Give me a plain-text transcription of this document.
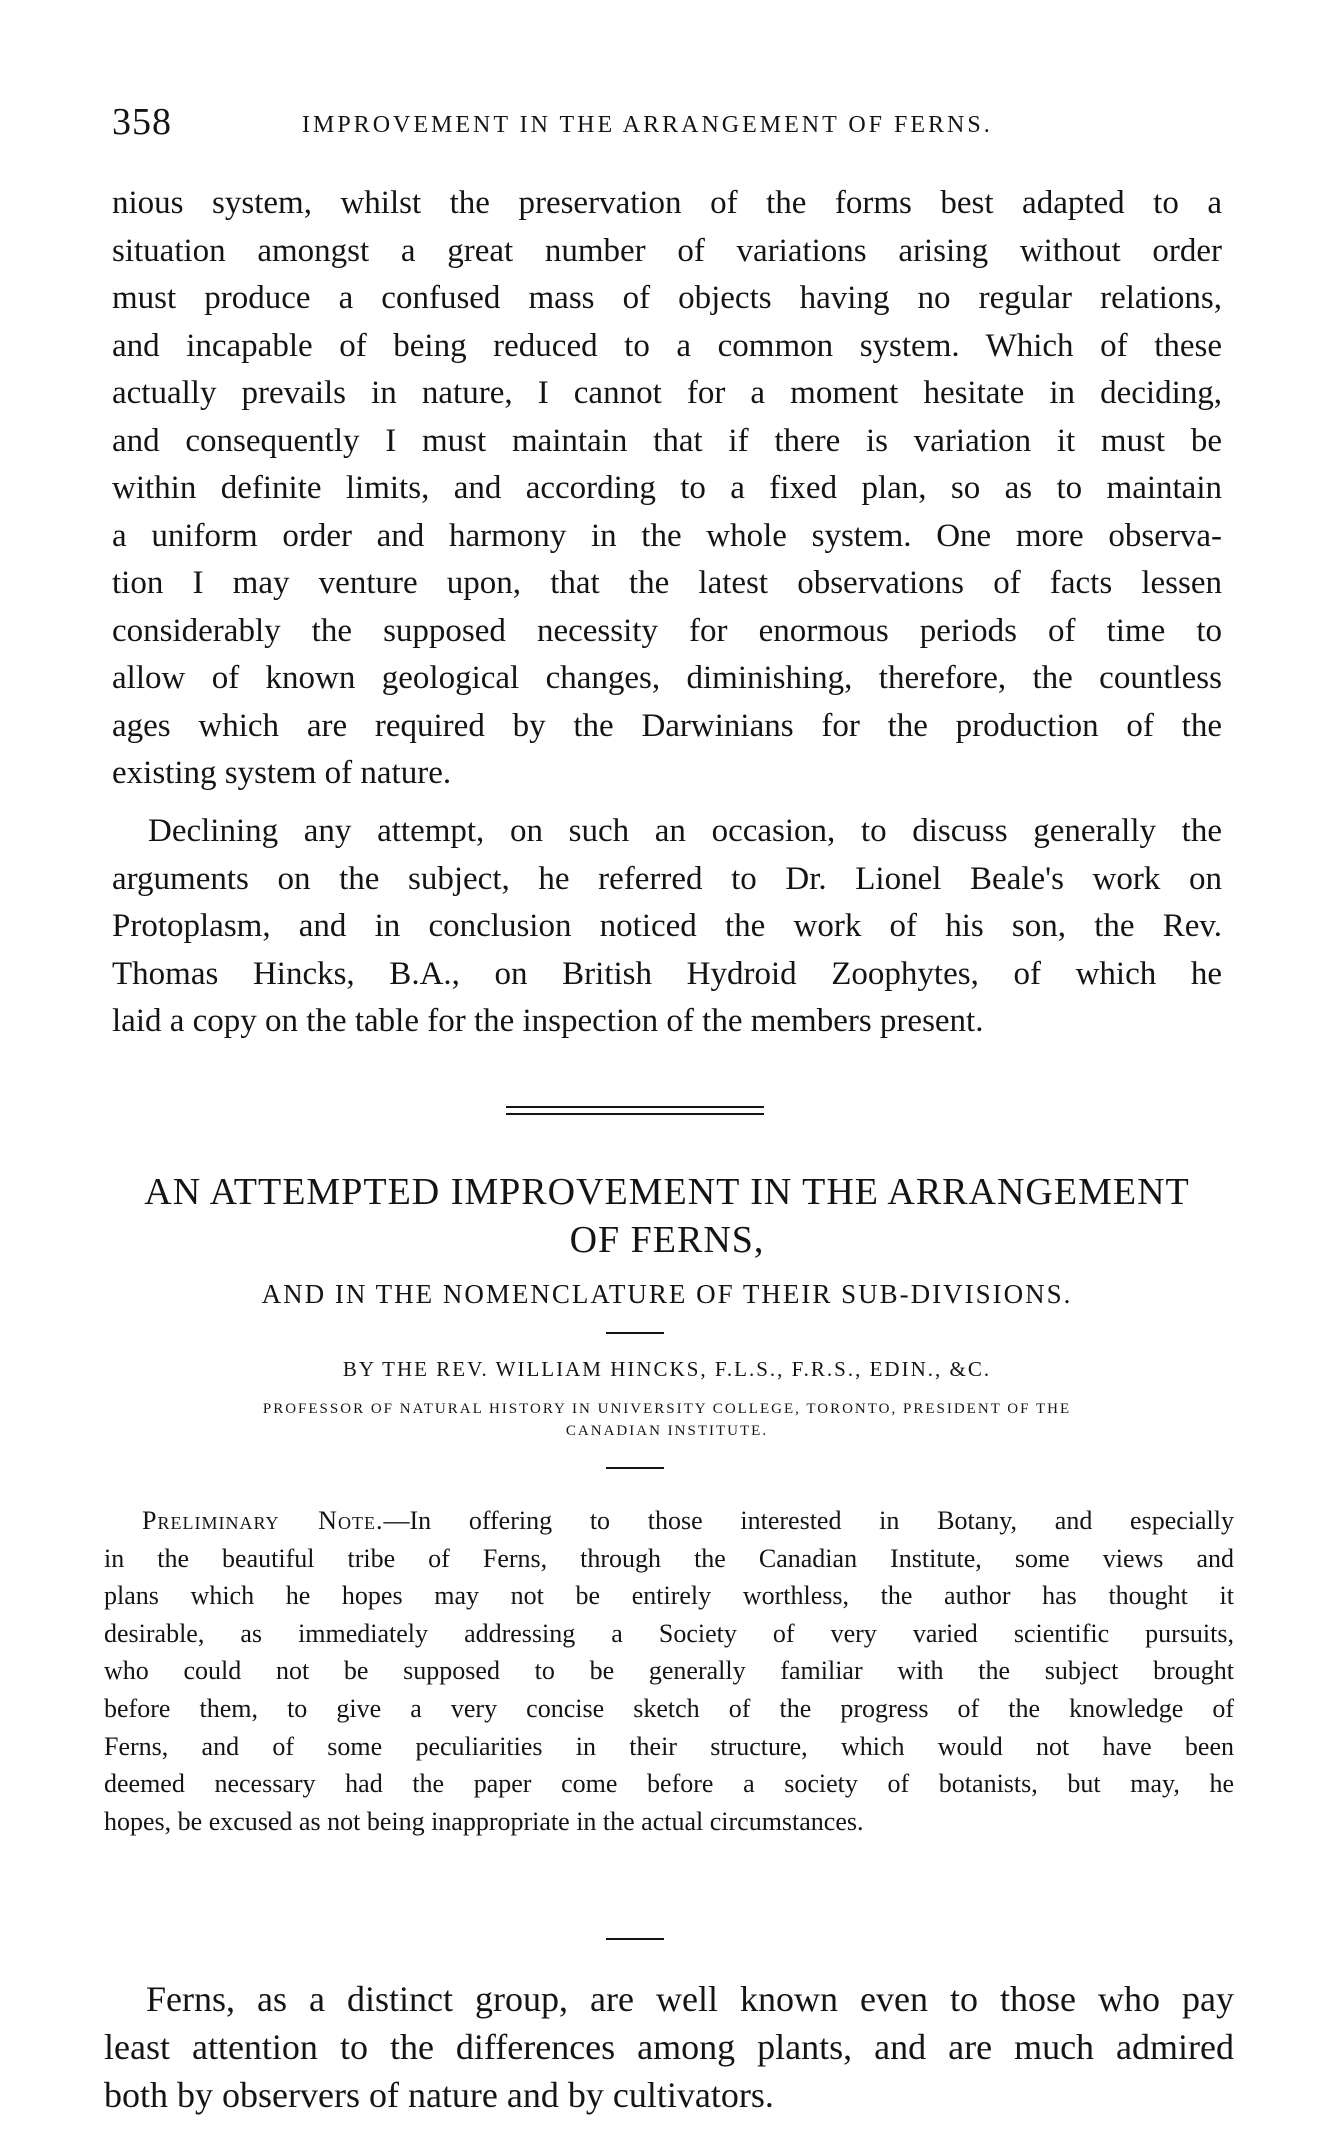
358	IMPROVEMENT IN THE ARRANGEMENT OF FERNS.
nious system, whilst the preservation of the forms best adapted to a
situation amongst a great number of variations arising without order
must produce a confused mass of objects having no regular relations,
and incapable of being reduced to a common system. Which of these
actually prevails in nature, I cannot for a moment hesitate in deciding,
and consequently I must maintain that if there is variation it must be
within definite limits, and according to a fixed plan, so as to maintain
a uniform order and harmony in the whole system. One more observa-
tion I may venture upon, that the latest observations of facts lessen
considerably the supposed necessity for enormous periods of time to
allow of known geological changes, diminishing, therefore, the countless
ages which are required by the Darwinians for the production of the
existing system of nature.
Declining any attempt, on such an occasion, to discuss generally the
arguments on the subject, he referred to Dr. Lionel Beale's work on
Protoplasm, and in conclusion noticed the work of his son, the Rev.
Thomas Hincks, B.A., on British Hydroid Zoophytes, of which he
laid a copy on the table for the inspection of the members present.
AN ATTEMPTED IMPROVEMENT IN THE ARRANGEMENT
OF FERNS,
AND IN THE NOMENCLATURE OF THEIR SUB-DIVISIONS.
BY THE REV. WILLIAM HINCKS, F.L.S., F.R.S., EDIN., &C.
PROFESSOR OF NATURAL HISTORY IN UNIVERSITY COLLEGE, TORONTO, PRESIDENT OF THE
CANADIAN INSTITUTE.
Preliminary Note.—In offering to those interested in Botany, and especially
in the beautiful tribe of Ferns, through the Canadian Institute, some views and
plans which he hopes may not be entirely worthless, the author has thought it
desirable, as immediately addressing a Society of very varied scientific pursuits,
who could not be supposed to be generally familiar with the subject brought
before them, to give a very concise sketch of the progress of the knowledge of
Ferns, and of some peculiarities in their structure, which would not have been
deemed necessary had the paper come before a society of botanists, but may, he
hopes, be excused as not being inappropriate in the actual circumstances.
Ferns, as a distinct group, are well known even to those who pay
least attention to the differences among plants, and are much admired
both by observers of nature and by cultivators.
